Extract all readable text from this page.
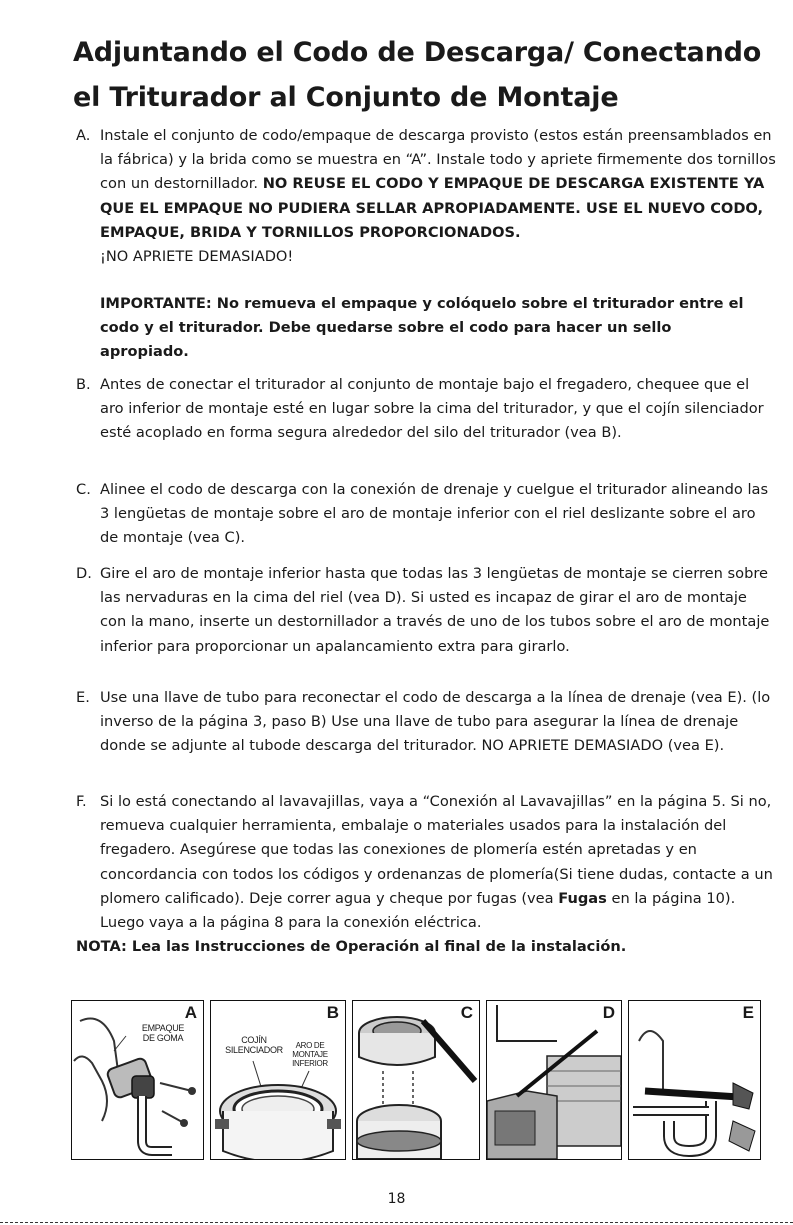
Adjuntando el Codo de Descarga/ Conectando
el Triturador al Conjunto de Montaje
A. Instale el conjunto de codo/empaque de descarga provisto (estos están preensamblados en la fábrica) y la brida como se muestra en “A”. Instale todo y apriete firmemente dos tornillos con un destornillador. NO REUSE EL CODO Y EMPAQUE DE DESCARGA EXISTENTE YA QUE EL EMPAQUE NO PUDIERA SELLAR APROPIADAMENTE. USE EL NUEVO CODO, EMPAQUE, BRIDA Y TORNILLOS PROPORCIONADOS.

¡NO APRIETE DEMASIADO!

IMPORTANTE: No remueva el empaque y colóquelo sobre el triturador entre el codo y el triturador. Debe quedarse sobre el codo para hacer un sello apropiado.
B. Antes de conectar el triturador al conjunto de montaje bajo el fregadero, chequee que el aro inferior de montaje esté en lugar sobre la cima del triturador, y que el cojín silenciador esté acoplado en forma segura alrededor del silo del triturador (vea B).

C. Alinee el codo de descarga con la conexión de drenaje y cuelgue el triturador alineando las 3 lengüetas de montaje sobre el aro de montaje inferior con el riel deslizante sobre el aro de montaje (vea C).

D. Gire el aro de montaje inferior hasta que todas las 3 lengüetas de montaje se cierren sobre las nervaduras en la cima del riel (vea D). Si usted es incapaz de girar el aro de montaje con la mano, inserte un destornillador a través de uno de los tubos sobre el aro de montaje inferior para proporcionar un apalancamiento extra para girarlo.

E. Use una llave de tubo para reconectar el codo de descarga a la línea de drenaje (vea E). (lo inverso de la página 3, paso B) Use una llave de tubo para asegurar la línea de drenaje donde se adjunte al tubode descarga del triturador. NO APRIETE DEMASIADO (vea E).

F. Si lo está conectando al lavavajillas, vaya a “Conexión al Lavavajillas” en la página 5. Si no, remueva cualquier herramienta, embalaje o materiales usados para la instalación del fregadero. Asegúrese que todas las conexiones de plomería estén apretadas y en concordancia con todos los códigos y ordenanzas de plomería(Si tiene dudas, contacte a un plomero calificado). Deje correr agua y cheque por fugas (vea Fugas en la página 10). Luego vaya a la página 8 para la conexión eléctrica.

NOTA: Lea las Instrucciones de Operación al final de la instalación.
A
EMPAQUE
DE GOMA
B
COJÍN
SILENCIADOR	ARO DE
MONTAJE
INFERIOR
C	D	E
18
